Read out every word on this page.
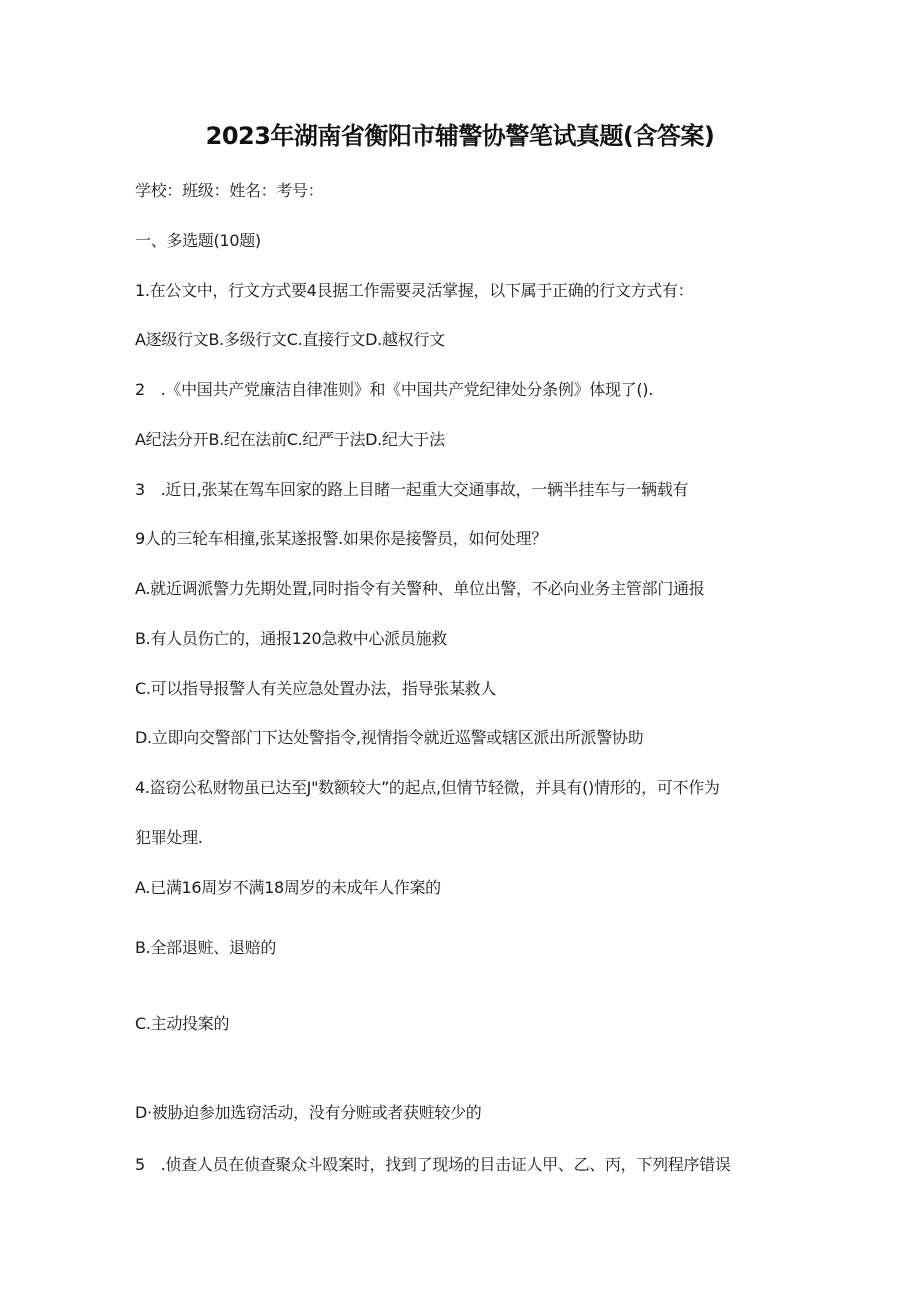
2023年湖南省衡阳市辅警协警笔试真题(含答案)
学校：班级：姓名：考号：
一、多选题(10题)
1.在公文中，行文方式要4艮据工作需要灵活掌握，以下属于正确的行文方式有：
A逐级行文B.多级行文C.直接行文D.越权行文
2　.《中国共产党廉洁自律准则》和《中国共产党纪律处分条例》体现了().
A纪法分开B.纪在法前C.纪严于法D.纪大于法
3　.近日,张某在驾车回家的路上目睹一起重大交通事故，一辆半挂车与一辆载有
9人的三轮车相撞,张某遂报警.如果你是接警员，如何处理？
A.就近调派警力先期处置,同时指令有关警种、单位出警，不必向业务主管部门通报
B.有人员伤亡的，通报120急救中心派员施救
C.可以指导报警人有关应急处置办法，指导张某救人
D.立即向交警部门下达处警指令,视情指令就近巡警或辖区派出所派警协助
4.盗窃公私财物虽已达至J"数额较大”的起点,但情节轻微，并具有()情形的，可不作为
犯罪处理.
A.已满16周岁不满18周岁的未成年人作案的
B.全部退赃、退赔的
C.主动投案的
D·被胁迫参加选窃活动，没有分赃或者获赃较少的
5　.侦查人员在侦查聚众斗殴案时，找到了现场的目击证人甲、乙、丙，下列程序错误
